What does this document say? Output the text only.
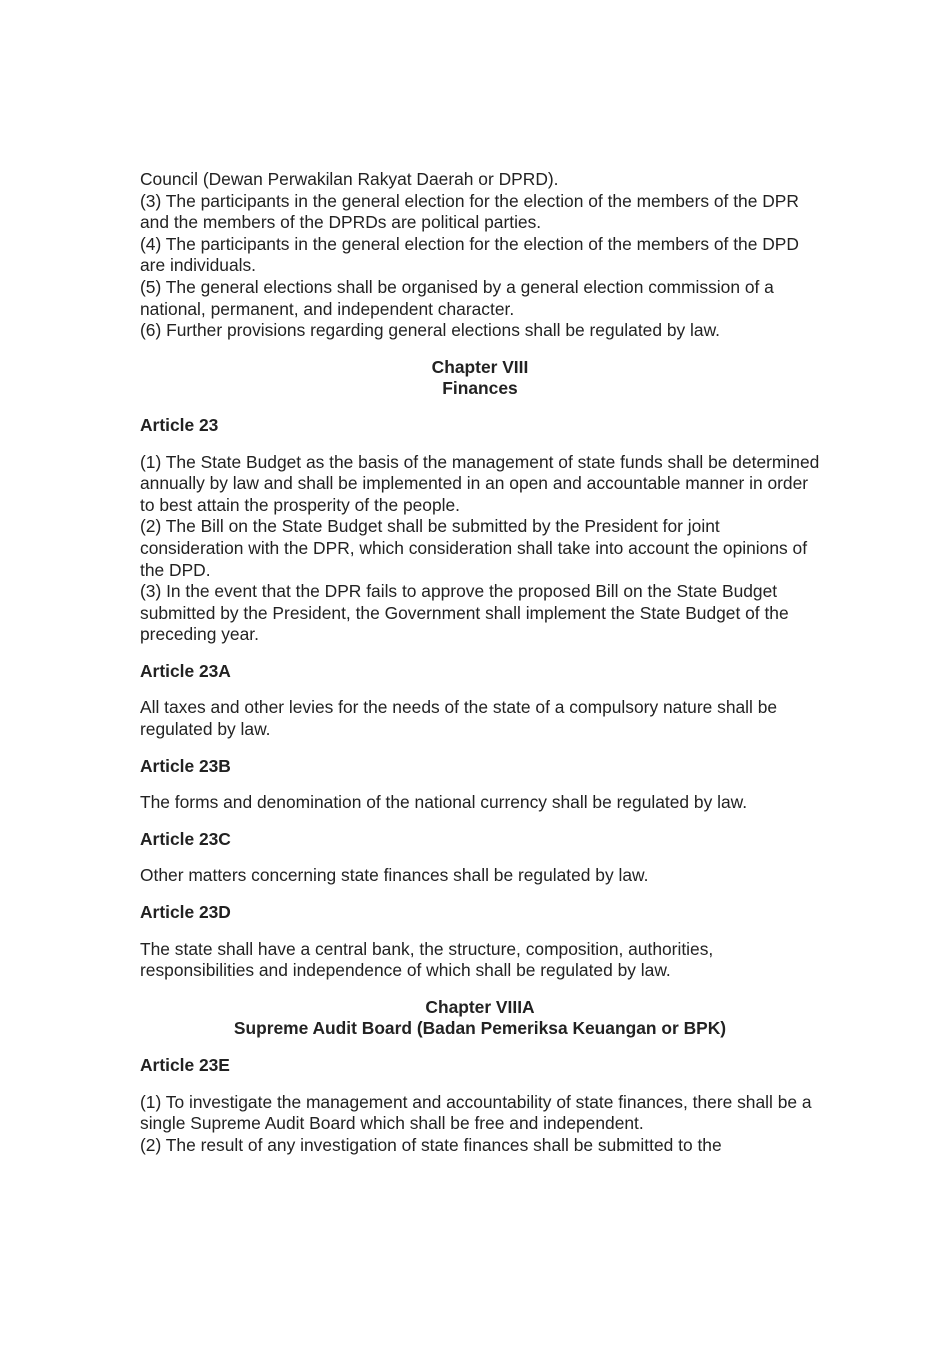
Council (Dewan Perwakilan Rakyat Daerah or DPRD).

(3) The participants in the general election for the election of the members of the DPR and the members of the DPRDs are political parties.

(4) The participants in the general election for the election of the members of the DPD are individuals.

(5) The general elections shall be organised by a general election commission of a national, permanent, and independent character.

(6) Further provisions regarding general elections shall be regulated by law.

Chapter VIII

Finances

Article 23

(1) The State Budget as the basis of the management of state funds shall be determined annually by law and shall be implemented in an open and accountable manner in order to best attain the prosperity of the people.

(2) The Bill on the State Budget shall be submitted by the President for joint consideration with the DPR, which consideration shall take into account the opinions of the DPD.

(3) In the event that the DPR fails to approve the proposed Bill on the State Budget submitted by the President, the Government shall implement the State Budget of the preceding year.

Article 23A

All taxes and other levies for the needs of the state of a compulsory nature shall be regulated by law.

Article 23B

The forms and denomination of the national currency shall be regulated by law.

Article 23C

Other matters concerning state finances shall be regulated by law.

Article 23D

The state shall have a central bank, the structure, composition, authorities, responsibilities and independence of which shall be regulated by law.

Chapter VIIIA

Supreme Audit Board (Badan Pemeriksa Keuangan or BPK)

Article 23E

(1) To investigate the management and accountability of state finances, there shall be a single Supreme Audit Board which shall be free and independent.

(2) The result of any investigation of state finances shall be submitted to the
